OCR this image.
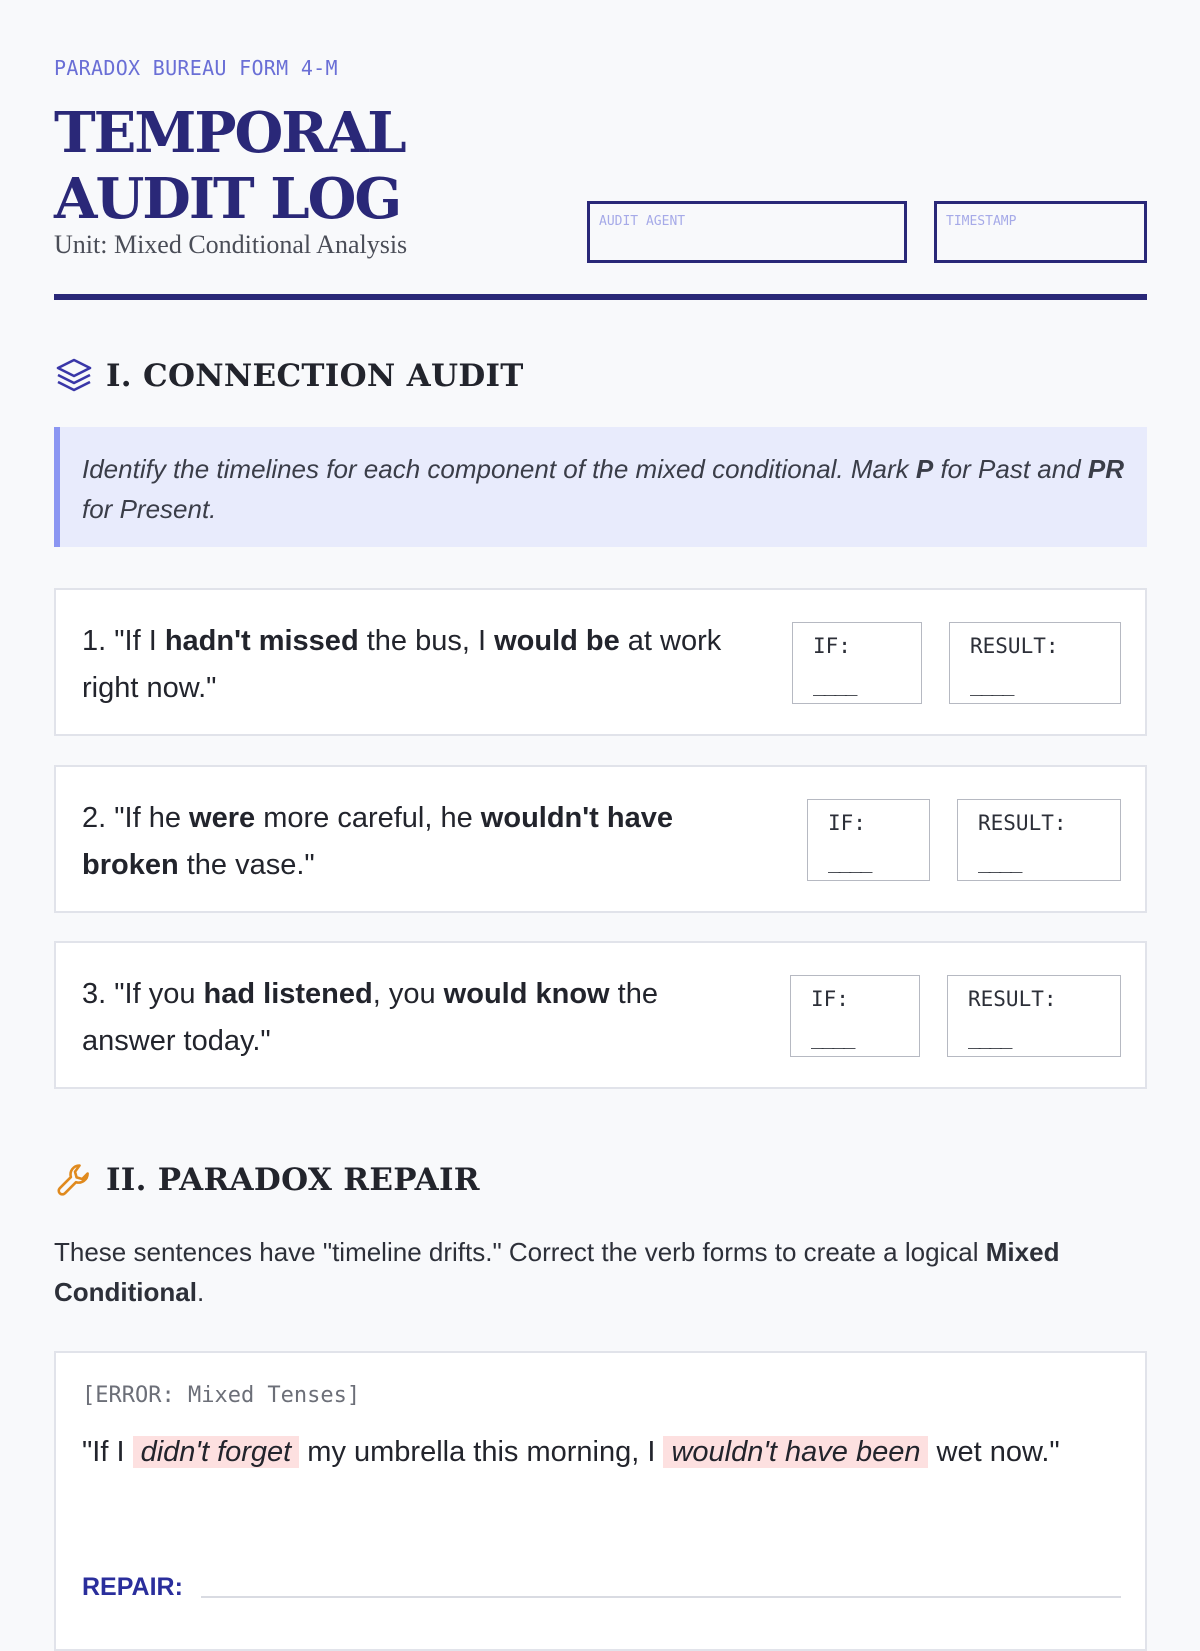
PARADOX BUREAU FORM 4-M
TEMPORAL
AUDIT LOG
Unit: Mixed Conditional Analysis
AUDIT AGENT	TIMESTAMP
I. CONNECTION AUDIT
Identify the timelines for each component of the mixed conditional. Mark P for Past and PR for Present.
1. "If I hadn't missed the bus, I would be at work right now."
IF:
____
RESULT:
____
2. "If he were more careful, he wouldn't have broken the vase."
IF:
____
RESULT:
____
3. "If you had listened, you would know the answer today."
IF:
____
RESULT:
____
II. PARADOX REPAIR
These sentences have "timeline drifts." Correct the verb forms to create a logical Mixed Conditional.
[ERROR: Mixed Tenses]
"If I didn't forget my umbrella this morning, I wouldn't have been wet now."
REPAIR:
